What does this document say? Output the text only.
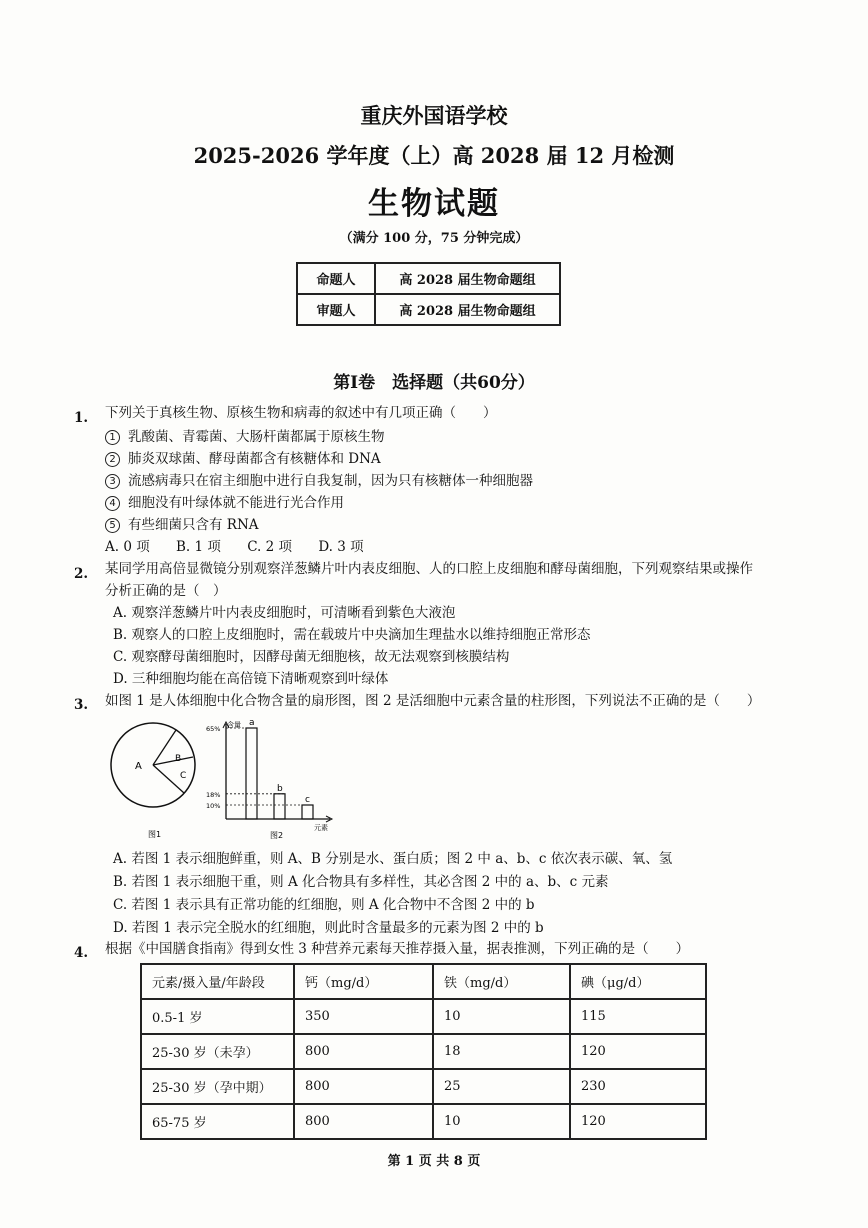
重庆外国语学校
2025-2026 学年度（上）高 2028 届 12 月检测
生物试题
（满分 100 分，75 分钟完成）
命题人	高 2028 届生物命题组
审题人	高 2028 届生物命题组
第Ⅰ卷　选择题（共60分）
1. 下列关于真核生物、原核生物和病毒的叙述中有几项正确（　　）
1 乳酸菌、青霉菌、大肠杆菌都属于原核生物
2 肺炎双球菌、酵母菌都含有核糖体和 DNA
3 流感病毒只在宿主细胞中进行自我复制，因为只有核糖体一种细胞器
4 细胞没有叶绿体就不能进行光合作用
5 有些细菌只含有 RNA
A. 0 项 B. 1 项 C. 2 项 D. 3 项
2. 某同学用高倍显微镜分别观察洋葱鳞片叶内表皮细胞、人的口腔上皮细胞和酵母菌细胞，下列观察结果或操作
分析正确的是（　）
A. 观察洋葱鳞片叶内表皮细胞时，可清晰看到紫色大液泡
B. 观察人的口腔上皮细胞时，需在载玻片中央滴加生理盐水以维持细胞正常形态
C. 观察酵母菌细胞时，因酵母菌无细胞核，故无法观察到核膜结构
D. 三种细胞均能在高倍镜下清晰观察到叶绿体
3. 如图 1 是人体细胞中化合物含量的扇形图，图 2 是活细胞中元素含量的柱形图，下列说法不正确的是（　　）
A
B
C
图1
含量
元素
图2
65%
18%
10%
a
b
c
A. 若图 1 表示细胞鲜重，则 A、B 分别是水、蛋白质；图 2 中 a、b、c 依次表示碳、氧、氢
B. 若图 1 表示细胞干重，则 A 化合物具有多样性，其必含图 2 中的 a、b、c 元素
C. 若图 1 表示具有正常功能的红细胞，则 A 化合物中不含图 2 中的 b
D. 若图 1 表示完全脱水的红细胞，则此时含量最多的元素为图 2 中的 b
4. 根据《中国膳食指南》得到女性 3 种营养元素每天推荐摄入量，据表推测，下列正确的是（　　）
元素/摄入量/年龄段	钙（mg/d）	铁（mg/d）	碘（μg/d）
0.5-1 岁	350	10	115
25-30 岁（未孕）	800	18	120
25-30 岁（孕中期）	800	25	230
65-75 岁	800	10	120
第 1 页 共 8 页
